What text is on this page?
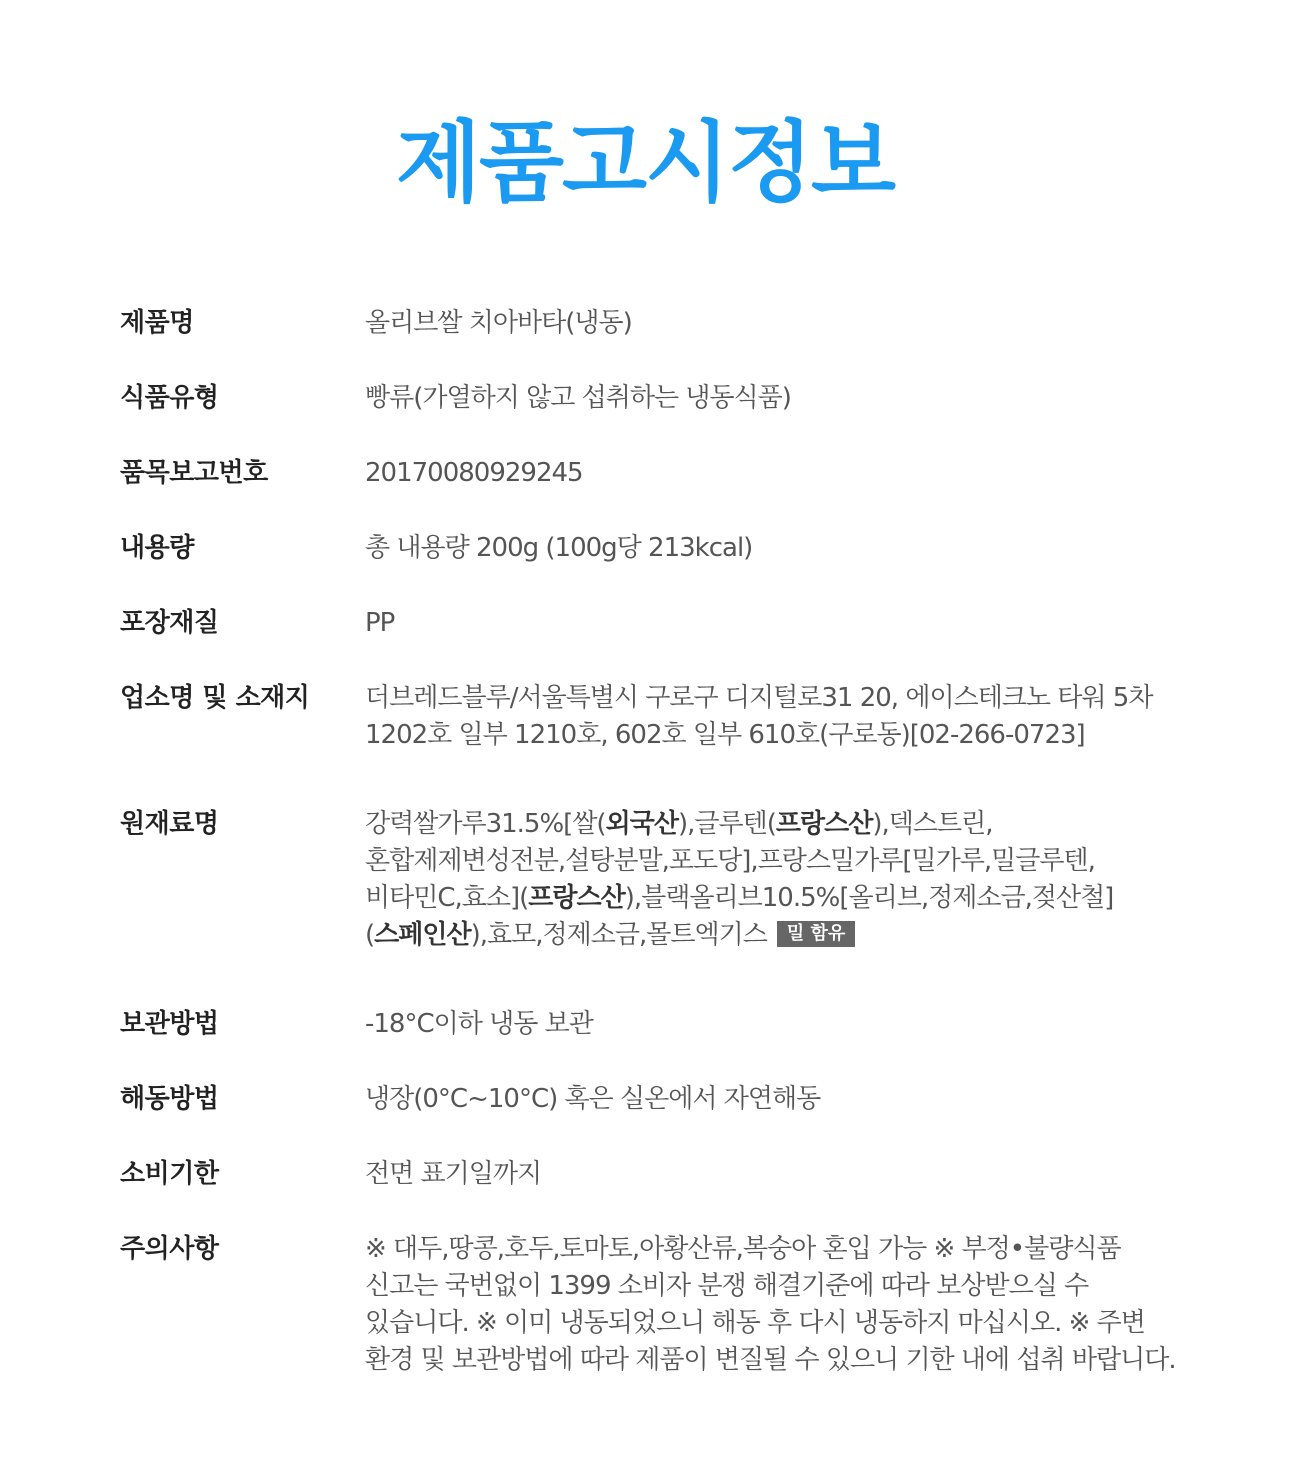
제품고시정보
제품명	올리브쌀 치아바타(냉동)
식품유형	빵류(가열하지 않고 섭취하는 냉동식품)
품목보고번호	20170080929245
내용량	총 내용량 200g (100g당 213kcal)
포장재질	PP
업소명 및 소재지	더브레드블루/서울특별시 구로구 디지털로31 20, 에이스테크노 타워 5차 1202호 일부 1210호, 602호 일부 610호(구로동)[02-266-0723]
원재료명	강력쌀가루31.5%[쌀(외국산),글루텐(프랑스산),덱스트린,혼합제제변성전분,설탕분말,포도당],프랑스밀가루[밀가루,밀글루텐,비타민C,효소](프랑스산),블랙올리브10.5%[올리브,정제소금,젖산철](스페인산),효모,정제소금,몰트엑기스 밀 함유
보관방법	-18°C이하 냉동 보관
해동방법	냉장(0°C~10°C) 혹은 실온에서 자연해동
소비기한	전면 표기일까지
주의사항	※ 대두,땅콩,호두,토마토,아황산류,복숭아 혼입 가능 ※ 부정•불량식품 신고는 국번없이 1399 소비자 분쟁 해결기준에 따라 보상받으실 수 있습니다. ※ 이미 냉동되었으니 해동 후 다시 냉동하지 마십시오. ※ 주변 환경 및 보관방법에 따라 제품이 변질될 수 있으니 기한 내에 섭취 바랍니다.
